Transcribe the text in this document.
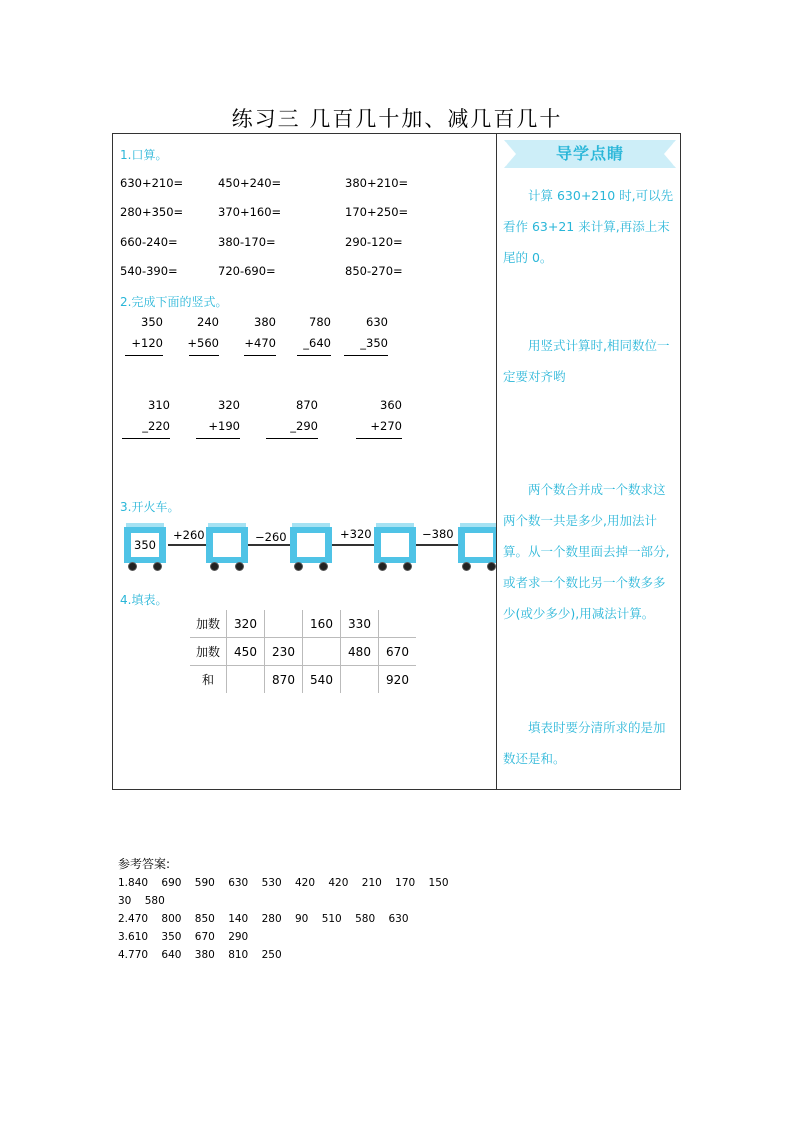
练习三 几百几十加、减几百几十
1.口算。
630+210=	450+240=	380+210=
280+350=	370+160=	170+250=
660-240=	380-170=	290-120=
540-390=	720-690=	850-270=
2.完成下面的竖式。
350
+120
240
+560
380
+470
780
_640
630
_350
310
_220
320
+190
870
_290
360
+270
3.开火车。
350
+260	−260	+320	−380
4.填表。
加数	320		160	330	
加数	450	230		480	670
和		870	540		920
导学点睛
计算 630+210 时,可以先看作 63+21 来计算,再添上末尾的 0。
用竖式计算时,相同数位一定要对齐哟
两个数合并成一个数求这两个数一共是多少,用加法计算。从一个数里面去掉一部分,或者求一个数比另一个数多多少(或少多少),用减法计算。
填表时要分清所求的是加数还是和。
参考答案:
1.840    690    590    630    530    420    420    210    170    150
30    580
2.470    800    850    140    280    90    510    580    630
3.610    350    670    290
4.770    640    380    810    250
